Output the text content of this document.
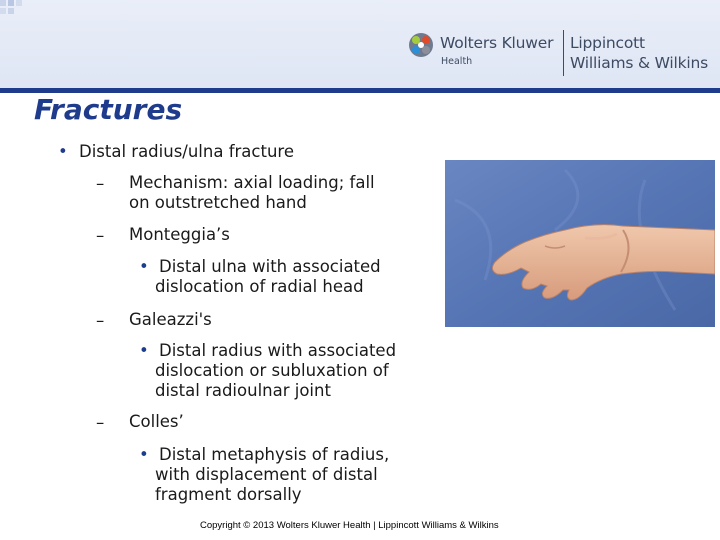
Wolters Kluwer
Health
Lippincott
Williams & Wilkins
Fractures
• Distal radius/ulna fracture
– Mechanism: axial loading; fall
on outstretched hand
– Monteggia’s
• Distal ulna with associated
dislocation of radial head
– Galeazzi's
• Distal radius with associated
dislocation or subluxation of
distal radioulnar joint
– Colles’
• Distal metaphysis of radius,
with displacement of distal
fragment dorsally
Copyright © 2013 Wolters Kluwer Health | Lippincott Williams & Wilkins
